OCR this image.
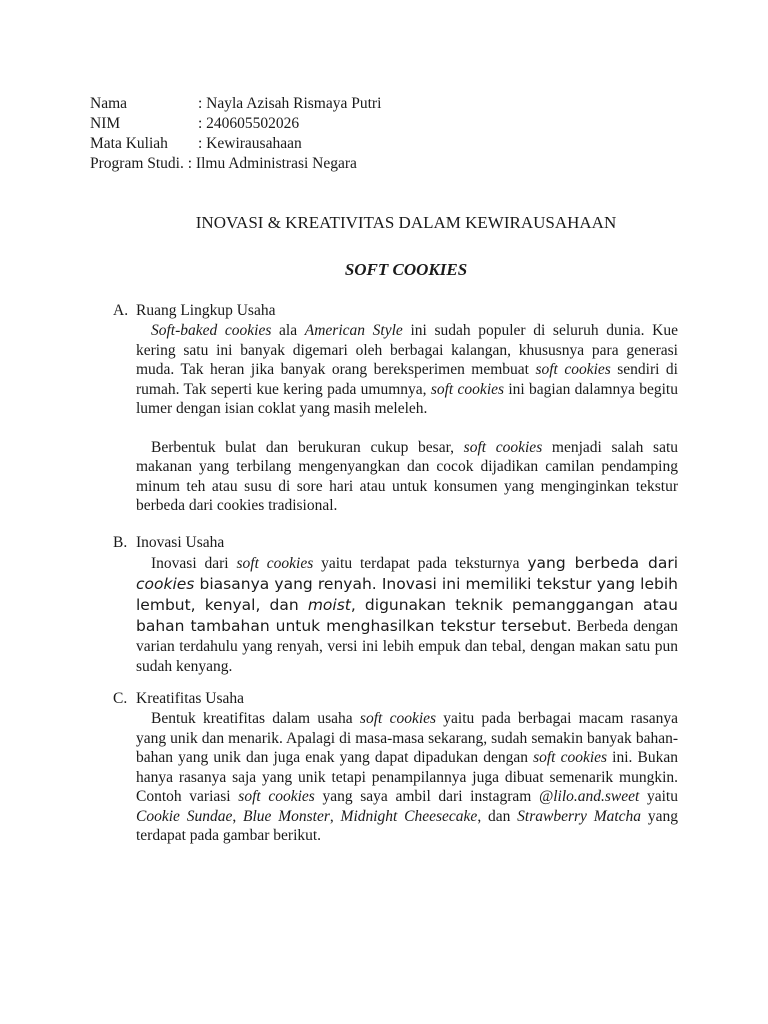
Nama	: Nayla Azisah Rismaya Putri
NIM	: 240605502026
Mata Kuliah : Kewirausahaan
Program Studi. : Ilmu Administrasi Negara
INOVASI & KREATIVITAS DALAM KEWIRAUSAHAAN
SOFT COOKIES
A. Ruang Lingkup Usaha
Soft-baked cookies ala American Style ini sudah populer di seluruh dunia. Kue kering satu ini banyak digemari oleh berbagai kalangan, khususnya para generasi muda. Tak heran jika banyak orang bereksperimen membuat soft cookies sendiri di rumah. Tak seperti kue kering pada umumnya, soft cookies ini bagian dalamnya begitu lumer dengan isian coklat yang masih meleleh.
Berbentuk bulat dan berukuran cukup besar, soft cookies menjadi salah satu makanan yang terbilang mengenyangkan dan cocok dijadikan camilan pendamping minum teh atau susu di sore hari atau untuk konsumen yang menginginkan tekstur berbeda dari cookies tradisional.
B. Inovasi Usaha
Inovasi dari soft cookies yaitu terdapat pada teksturnya yang berbeda dari cookies biasanya yang renyah. Inovasi ini memiliki tekstur yang lebih lembut, kenyal, dan moist, digunakan teknik pemanggangan atau bahan tambahan untuk menghasilkan tekstur tersebut. Berbeda dengan varian terdahulu yang renyah, versi ini lebih empuk dan tebal, dengan makan satu pun sudah kenyang.
C. Kreatifitas Usaha
Bentuk kreatifitas dalam usaha soft cookies yaitu pada berbagai macam rasanya yang unik dan menarik. Apalagi di masa-masa sekarang, sudah semakin banyak bahan-bahan yang unik dan juga enak yang dapat dipadukan dengan soft cookies ini. Bukan hanya rasanya saja yang unik tetapi penampilannya juga dibuat semenarik mungkin. Contoh variasi soft cookies yang saya ambil dari instagram @lilo.and.sweet yaitu Cookie Sundae, Blue Monster, Midnight Cheesecake, dan Strawberry Matcha yang terdapat pada gambar berikut.
